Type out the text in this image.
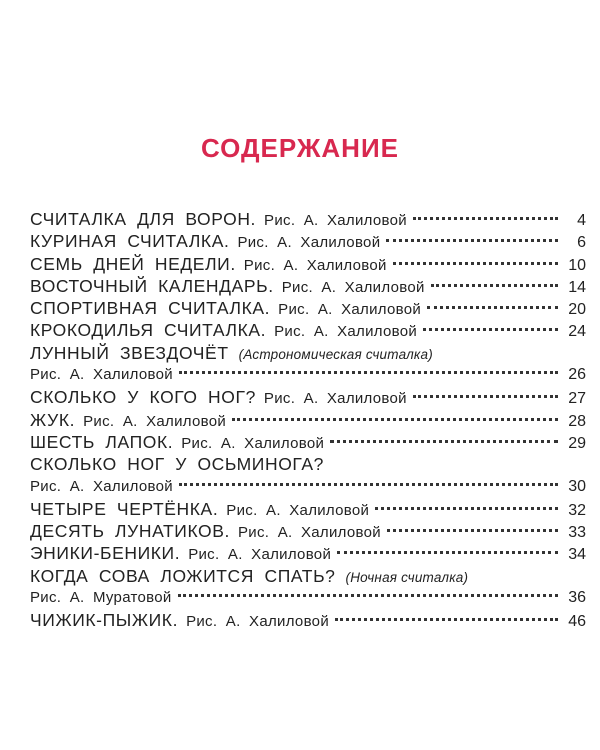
СОДЕРЖАНИЕ
СЧИТАЛКА ДЛЯ ВОРОН. Рис. А. Халиловой	4
КУРИНАЯ СЧИТАЛКА. Рис. А. Халиловой	6
СЕМЬ ДНЕЙ НЕДЕЛИ. Рис. А. Халиловой	10
ВОСТОЧНЫЙ КАЛЕНДАРЬ. Рис. А. Халиловой	14
СПОРТИВНАЯ СЧИТАЛКА. Рис. А. Халиловой	20
КРОКОДИЛЬЯ СЧИТАЛКА. Рис. А. Халиловой	24
ЛУННЫЙ ЗВЕЗДОЧЁТ (Астрономическая считалка)
Рис. А. Халиловой	26
СКОЛЬКО У КОГО НОГ? Рис. А. Халиловой	27
ЖУК. Рис. А. Халиловой	28
ШЕСТЬ ЛАПОК. Рис. А. Халиловой	29
СКОЛЬКО НОГ У ОСЬМИНОГА?
Рис. А. Халиловой	30
ЧЕТЫРЕ ЧЕРТЁНКА. Рис. А. Халиловой	32
ДЕСЯТЬ ЛУНАТИКОВ. Рис. А. Халиловой	33
ЭНИКИ-БЕНИКИ. Рис. А. Халиловой	34
КОГДА СОВА ЛОЖИТСЯ СПАТЬ? (Ночная считалка)
Рис. А. Муратовой	36
ЧИЖИК-ПЫЖИК. Рис. А. Халиловой	46
